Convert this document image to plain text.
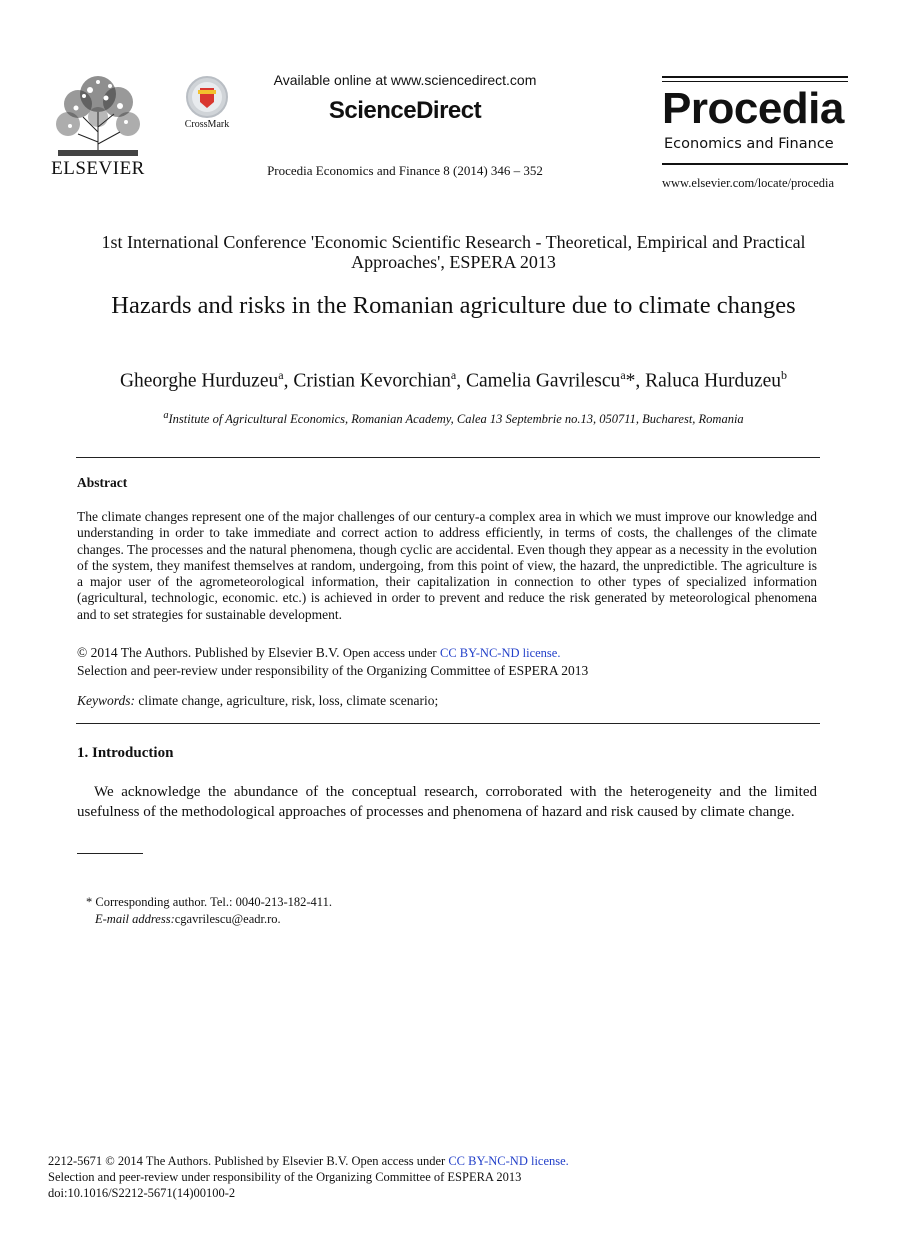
ELSEVIER
CrossMark
Available online at www.sciencedirect.com
ScienceDirect
Procedia Economics and Finance 8 (2014) 346 – 352
Procedia
Economics and Finance
www.elsevier.com/locate/procedia
1st International Conference 'Economic Scientific Research - Theoretical, Empirical and Practical Approaches', ESPERA 2013
Hazards and risks in the Romanian agriculture due to climate changes
Gheorghe Hurduzeu$^a$, Cristian Kevorchian$^a$, Camelia Gavrilescu$^a$*, Raluca Hurduzeu$^b$
$^a$Institute of Agricultural Economics, Romanian Academy, Calea 13 Septembrie no.13, 050711, Bucharest, Romania
Abstract
The climate changes represent one of the major challenges of our century-a complex area in which we must improve our knowledge and understanding in order to take immediate and correct action to address efficiently, in terms of costs, the challenges of the climate changes. The processes and the natural phenomena, though cyclic are accidental. Even though they appear as a necessity in the evolution of the system, they manifest themselves at random, undergoing, from this point of view, the hazard, the unpredictible. The agriculture is a major user of the agrometeorological information, their capitalization in connection to other types of specialized information (agricultural, technologic, economic. etc.) is achieved in order to prevent and reduce the risk generated by meteorological phenomena and to set strategies for sustainable development.
© 2014 The Authors. Published by Elsevier B.V. Open access under CC BY-NC-ND license.
Selection and peer-review under responsibility of the Organizing Committee of ESPERA 2013
Keywords: climate change, agriculture, risk, loss, climate scenario;
1. Introduction
We acknowledge the abundance of the conceptual research, corroborated with the heterogeneity and the limited usefulness of the methodological approaches of processes and phenomena of hazard and risk caused by climate change.
* Corresponding author. Tel.: 0040-213-182-411.
E-mail address:cgavrilescu@eadr.ro.
2212-5671 © 2014 The Authors. Published by Elsevier B.V. Open access under CC BY-NC-ND license.
Selection and peer-review under responsibility of the Organizing Committee of ESPERA 2013
doi:10.1016/S2212-5671(14)00100-2
